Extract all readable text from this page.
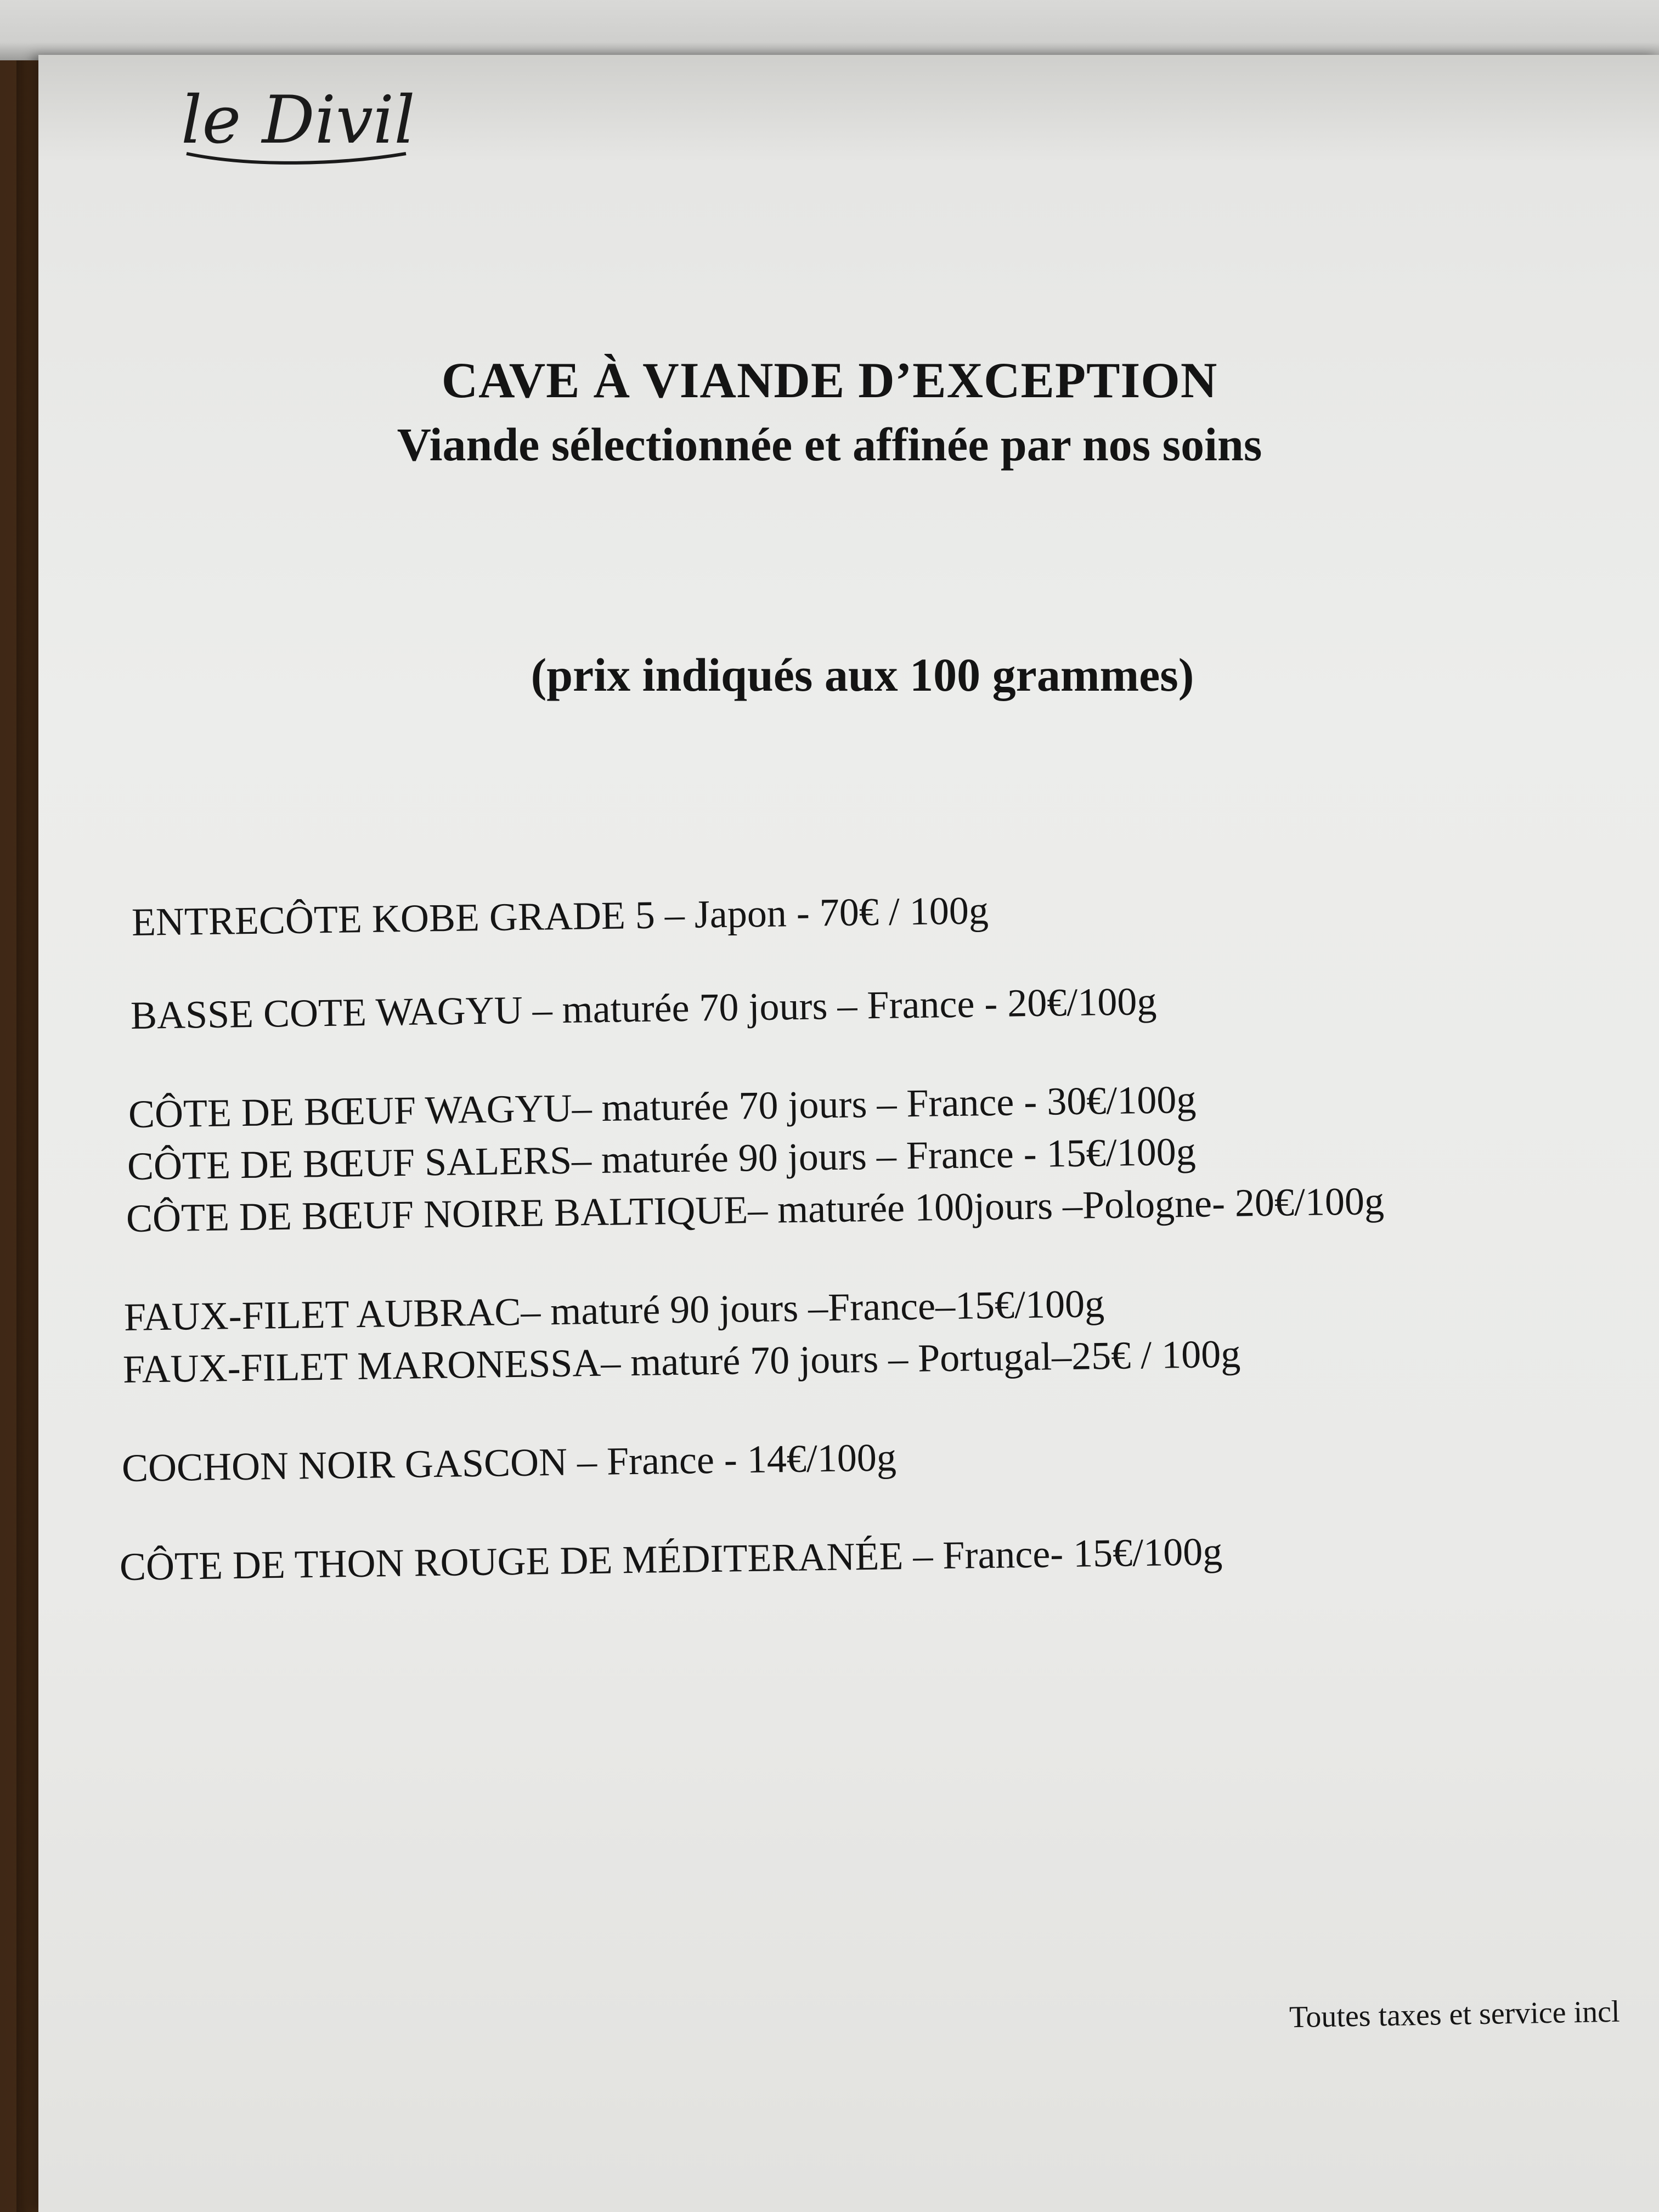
le Divil
CAVE À VIANDE D’EXCEPTION
Viande sélectionnée et affinée par nos soins

(prix indiqués aux 100 grammes)

ENTRECÔTE KOBE GRADE 5 – Japon - 70€ / 100g
BASSE COTE WAGYU – maturée 70 jours – France - 20€/100g
CÔTE DE BŒUF WAGYU– maturée 70 jours – France - 30€/100g
CÔTE DE BŒUF SALERS– maturée 90 jours – France - 15€/100g
CÔTE DE BŒUF NOIRE BALTIQUE– maturée 100jours –Pologne- 20€/100g
FAUX-FILET AUBRAC– maturé 90 jours –France–15€/100g
FAUX-FILET MARONESSA– maturé 70 jours – Portugal–25€ / 100g
COCHON NOIR GASCON – France - 14€/100g
CÔTE DE THON ROUGE DE MÉDITERANÉE – France- 15€/100g
Toutes taxes et service incl
